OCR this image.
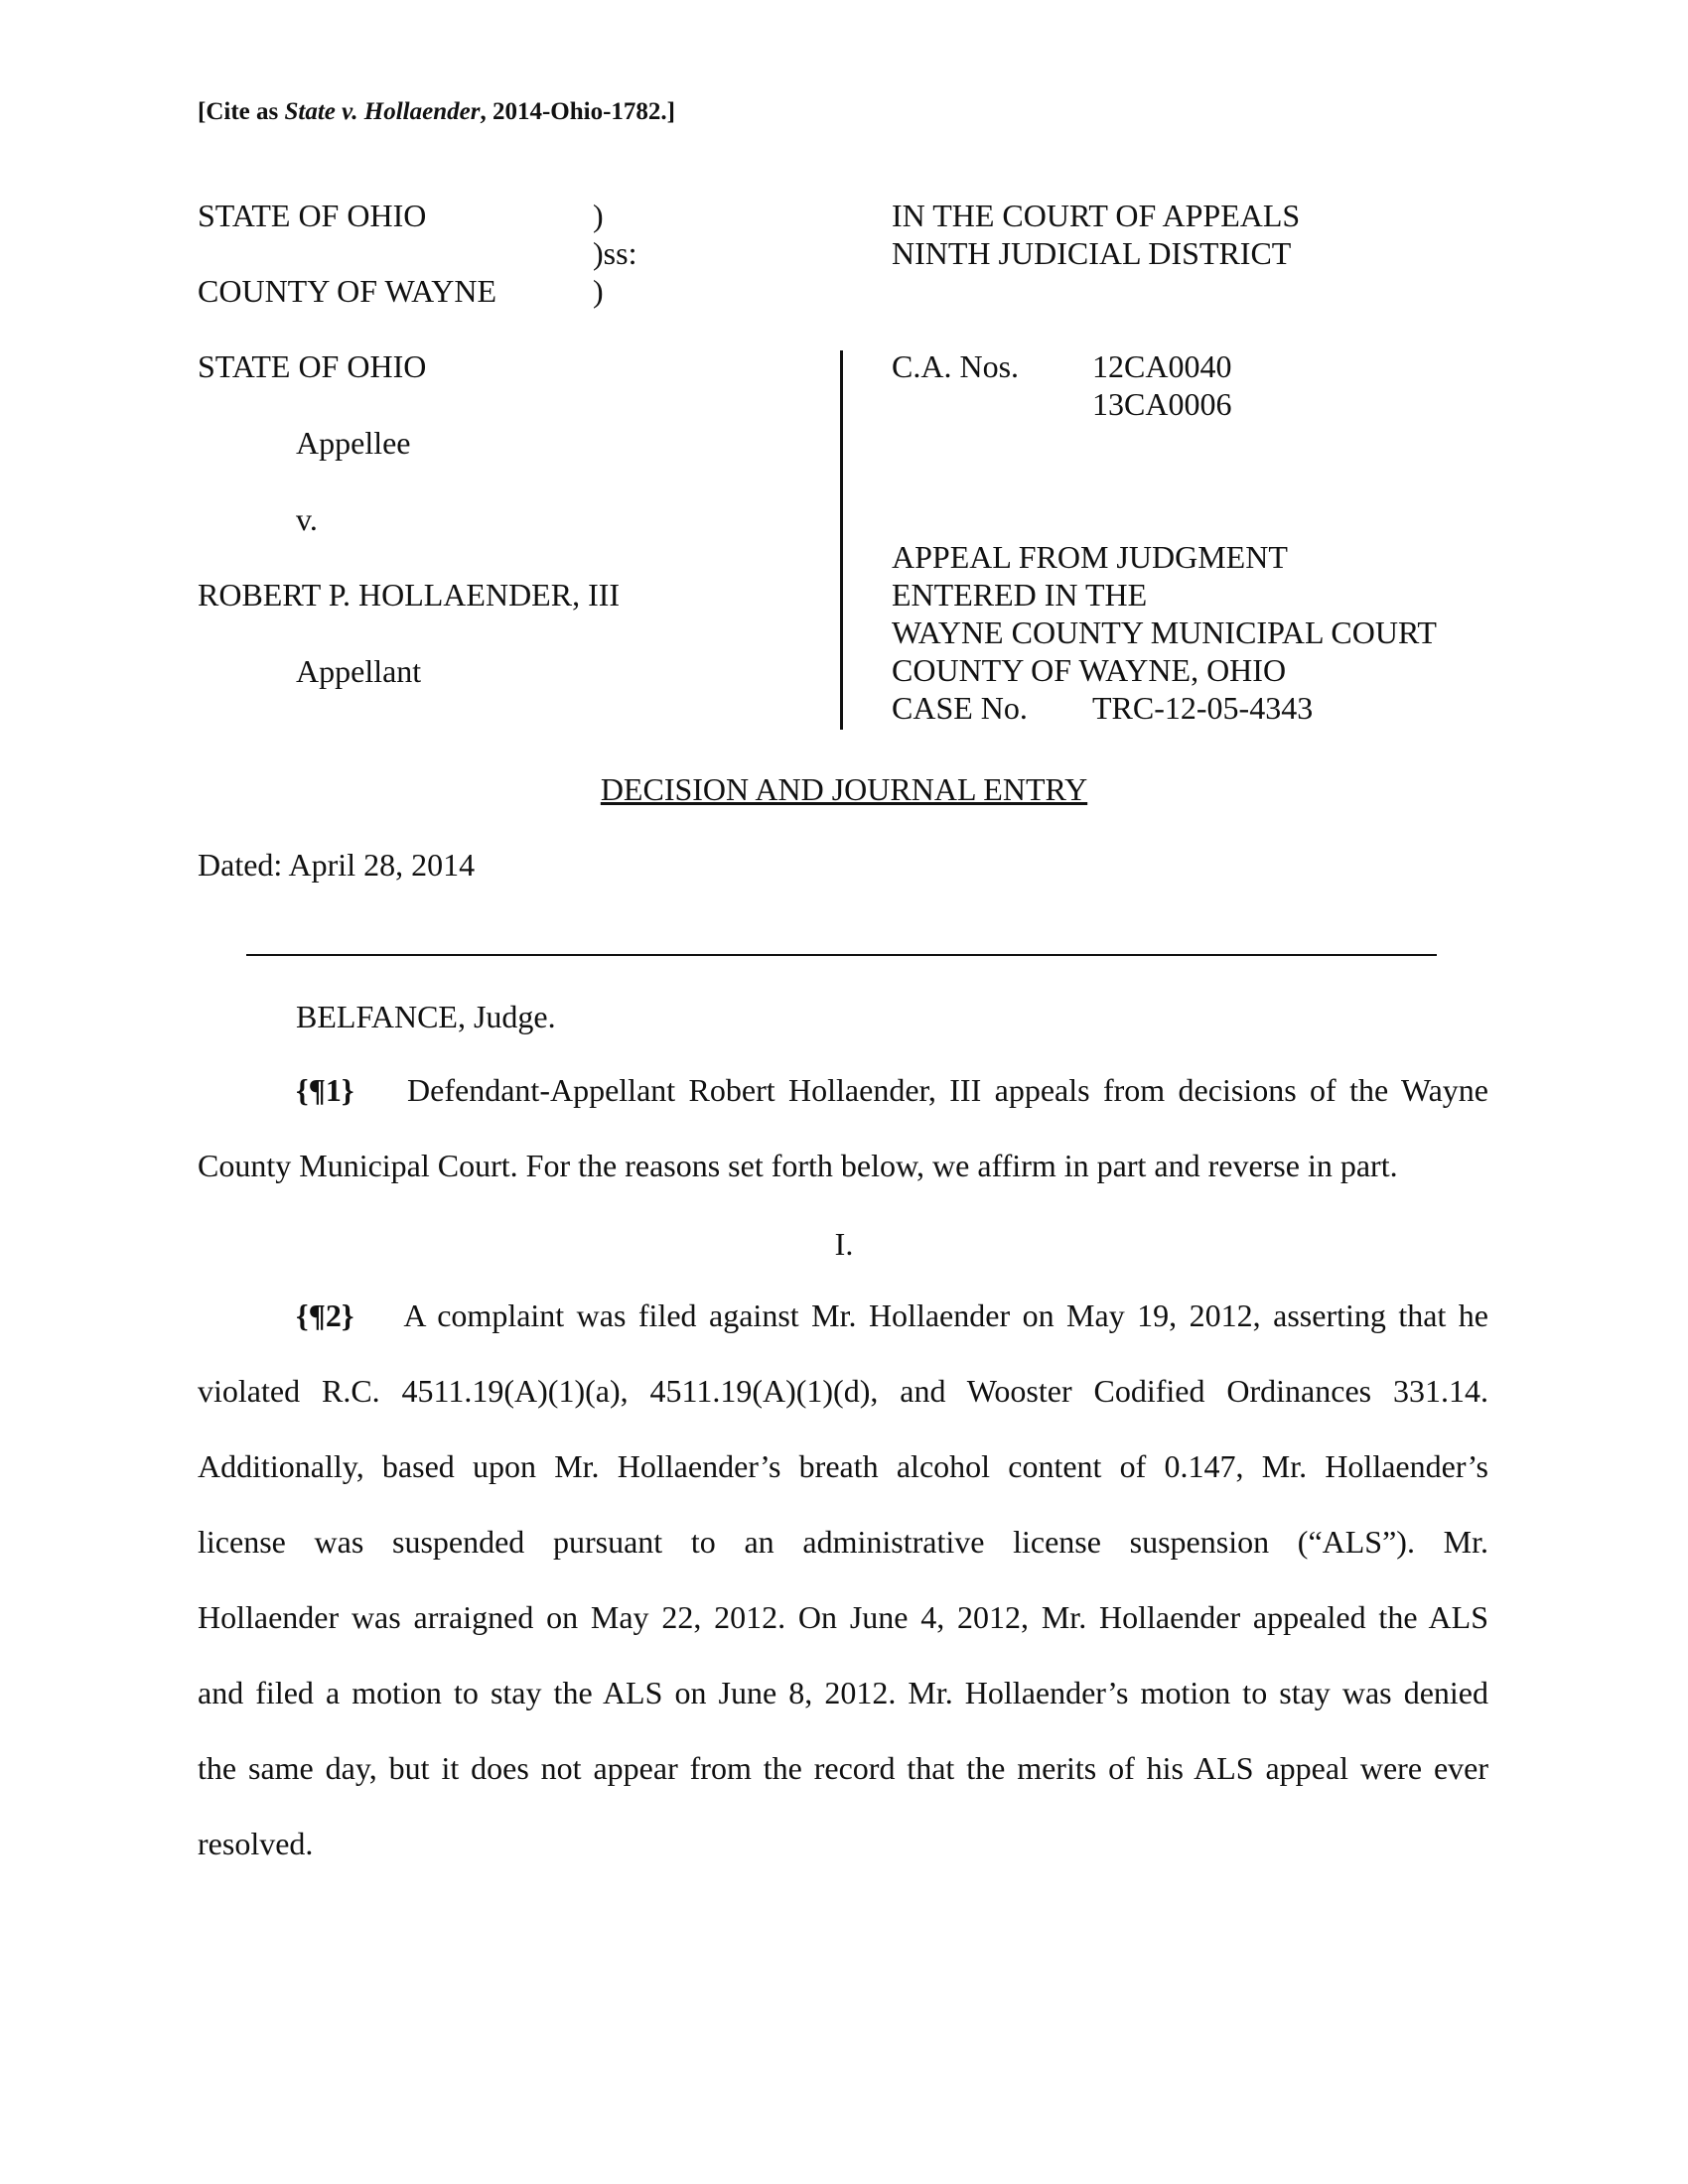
[Cite as State v. Hollaender, 2014-Ohio-1782.]
STATE OF OHIO	)
)ss:
COUNTY OF WAYNE	)
IN THE COURT OF APPEALS
NINTH JUDICIAL DISTRICT
STATE OF OHIO
Appellee
v.
ROBERT P. HOLLAENDER, III
Appellant
C.A. Nos. 12CA0040
13CA0006
APPEAL FROM JUDGMENT
ENTERED IN THE
WAYNE COUNTY MUNICIPAL COURT
COUNTY OF WAYNE, OHIO
CASE No. TRC-12-05-4343
DECISION AND JOURNAL ENTRY
Dated: April 28, 2014
BELFANCE, Judge.
{¶1} Defendant-Appellant Robert Hollaender, III appeals from decisions of the Wayne
County Municipal Court. For the reasons set forth below, we affirm in part and reverse in part.
I.
{¶2} A complaint was filed against Mr. Hollaender on May 19, 2012, asserting that he
violated R.C. 4511.19(A)(1)(a), 4511.19(A)(1)(d), and Wooster Codified Ordinances 331.14.
Additionally, based upon Mr. Hollaender’s breath alcohol content of 0.147, Mr. Hollaender’s
license was suspended pursuant to an administrative license suspension (“ALS”). Mr.
Hollaender was arraigned on May 22, 2012. On June 4, 2012, Mr. Hollaender appealed the ALS
and filed a motion to stay the ALS on June 8, 2012. Mr. Hollaender’s motion to stay was denied
the same day, but it does not appear from the record that the merits of his ALS appeal were ever
resolved.
